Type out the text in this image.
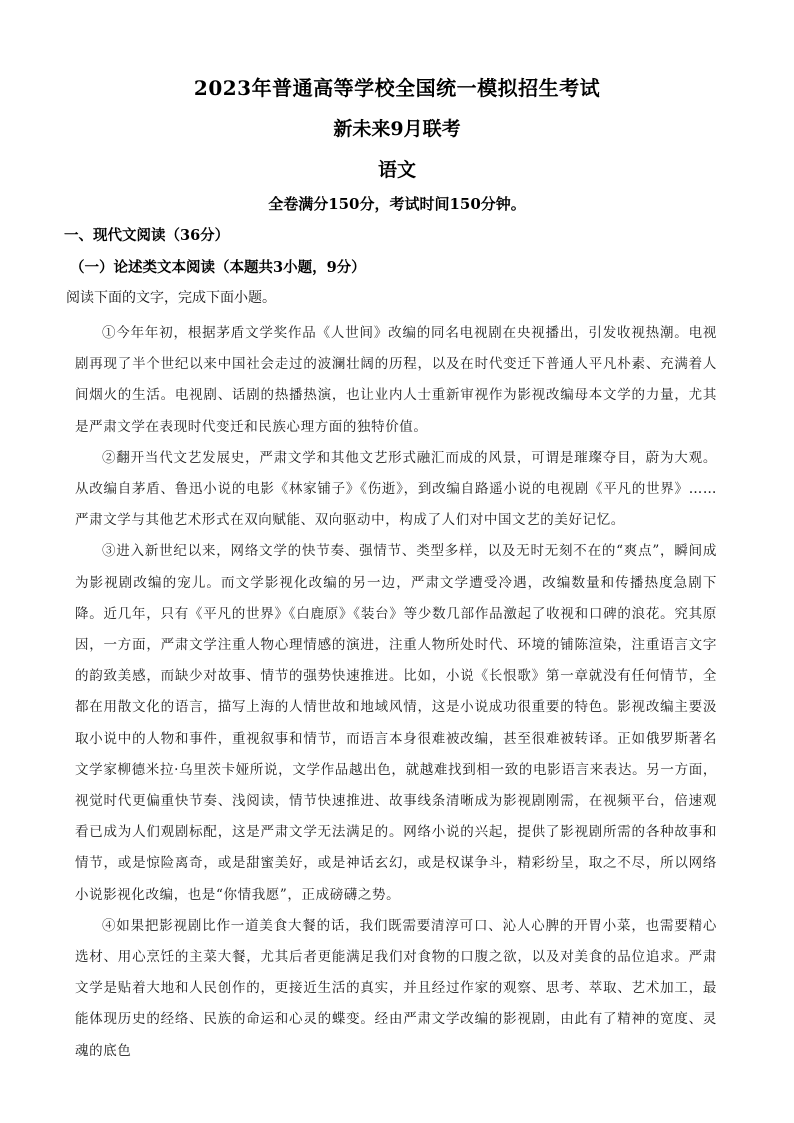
2023年普通高等学校全国统一模拟招生考试
新未来9月联考
语文
全卷满分150分，考试时间150分钟。
一、现代文阅读（36分）
（一）论述类文本阅读（本题共3小题，9分）
阅读下面的文字，完成下面小题。

①今年年初，根据茅盾文学奖作品《人世间》改编的同名电视剧在央视播出，引发收视热潮。电视剧再现了半个世纪以来中国社会走过的波澜壮阔的历程，以及在时代变迁下普通人平凡朴素、充满着人间烟火的生活。电视剧、话剧的热播热演，也让业内人士重新审视作为影视改编母本文学的力量，尤其是严肃文学在表现时代变迁和民族心理方面的独特价值。

②翻开当代文艺发展史，严肃文学和其他文艺形式融汇而成的风景，可谓是璀璨夺目，蔚为大观。从改编自茅盾、鲁迅小说的电影《林家铺子》《伤逝》，到改编自路遥小说的电视剧《平凡的世界》……严肃文学与其他艺术形式在双向赋能、双向驱动中，构成了人们对中国文艺的美好记忆。

③进入新世纪以来，网络文学的快节奏、强情节、类型多样，以及无时无刻不在的“爽点”，瞬间成为影视剧改编的宠儿。而文学影视化改编的另一边，严肃文学遭受冷遇，改编数量和传播热度急剧下降。近几年，只有《平凡的世界》《白鹿原》《装台》等少数几部作品激起了收视和口碑的浪花。究其原因，一方面，严肃文学注重人物心理情感的演进，注重人物所处时代、环境的铺陈渲染，注重语言文字的韵致美感，而缺少对故事、情节的强势快速推进。比如，小说《长恨歌》第一章就没有任何情节，全都在用散文化的语言，描写上海的人情世故和地域风情，这是小说成功很重要的特色。影视改编主要汲取小说中的人物和事件，重视叙事和情节，而语言本身很难被改编，甚至很难被转译。正如俄罗斯著名文学家柳德米拉·乌里茨卡娅所说，文学作品越出色，就越难找到相一致的电影语言来表达。另一方面，视觉时代更偏重快节奏、浅阅读，情节快速推进、故事线条清晰成为影视剧刚需，在视频平台，倍速观看已成为人们观剧标配，这是严肃文学无法满足的。网络小说的兴起，提供了影视剧所需的各种故事和情节，或是惊险离奇，或是甜蜜美好，或是神话玄幻，或是权谋争斗，精彩纷呈，取之不尽，所以网络小说影视化改编，也是“你情我愿”，正成磅礴之势。

④如果把影视剧比作一道美食大餐的话，我们既需要清淳可口、沁人心脾的开胃小菜，也需要精心选材、用心烹饪的主菜大餐，尤其后者更能满足我们对食物的口腹之欲，以及对美食的品位追求。严肃文学是贴着大地和人民创作的，更接近生活的真实，并且经过作家的观察、思考、萃取、艺术加工，最能体现历史的经络、民族的命运和心灵的蝶变。经由严肃文学改编的影视剧，由此有了精神的宽度、灵魂的底色
